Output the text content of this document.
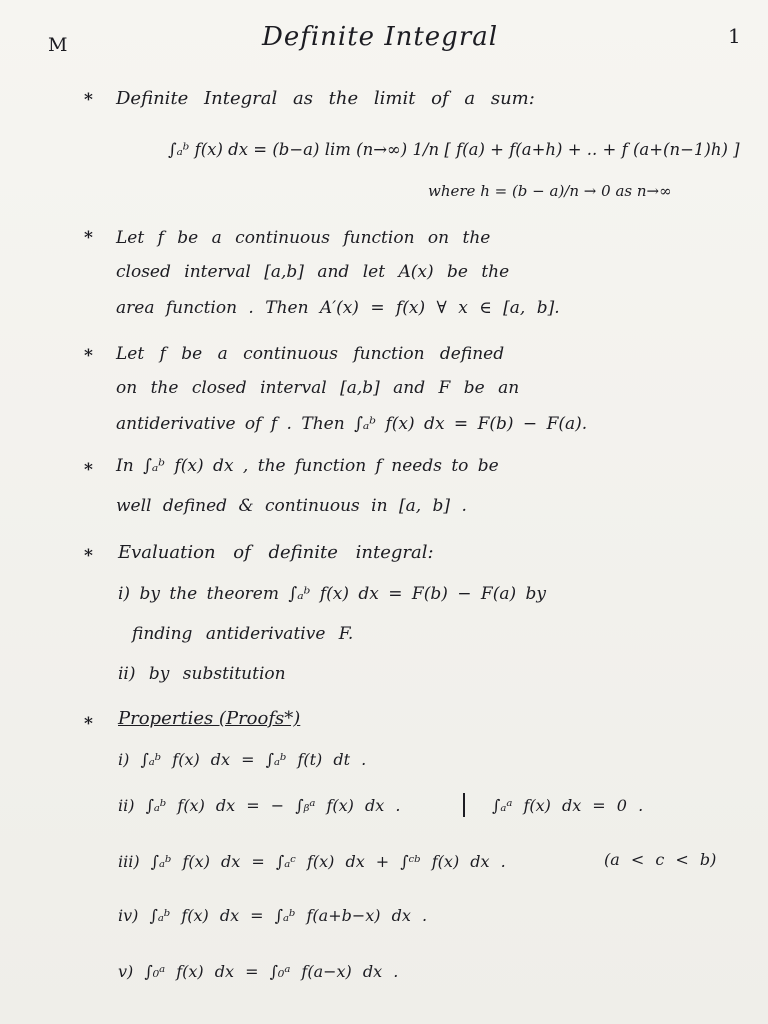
M	Definite Integral	1
* Definite Integral as the limit of a sum:
∫ₐᵇ f(x) dx = (b−a) lim (n→∞) 1/n [ f(a) + f(a+h) + .. + f (a+(n−1)h) ]
where h = (b − a)/n → 0 as n→∞
* Let f be a continuous function on the
closed interval [a,b] and let A(x) be the
area function . Then A′(x) = f(x) ∀ x ∈ [a, b].
* Let f be a continuous function defined
on the closed interval [a,b] and F be an
antiderivative of f . Then ∫ₐᵇ f(x) dx = F(b) − F(a).
* In ∫ₐᵇ f(x) dx , the function f needs to be
well defined & continuous in [a, b] .
* Evaluation of definite integral:
i) by the theorem ∫ₐᵇ f(x) dx = F(b) − F(a) by
finding antiderivative F.
ii) by substitution
* Properties (Proofs*)
i) ∫ₐᵇ f(x) dx = ∫ₐᵇ f(t) dt .
ii) ∫ₐᵇ f(x) dx = − ∫ᵦᵃ f(x) dx .	∫ₐᵃ f(x) dx = 0 .
iii) ∫ₐᵇ f(x) dx = ∫ₐᶜ f(x) dx + ∫ᶜᵇ f(x) dx .	(a < c < b)
iv) ∫ₐᵇ f(x) dx = ∫ₐᵇ f(a+b−x) dx .
v) ∫₀ᵃ f(x) dx = ∫₀ᵃ f(a−x) dx .
